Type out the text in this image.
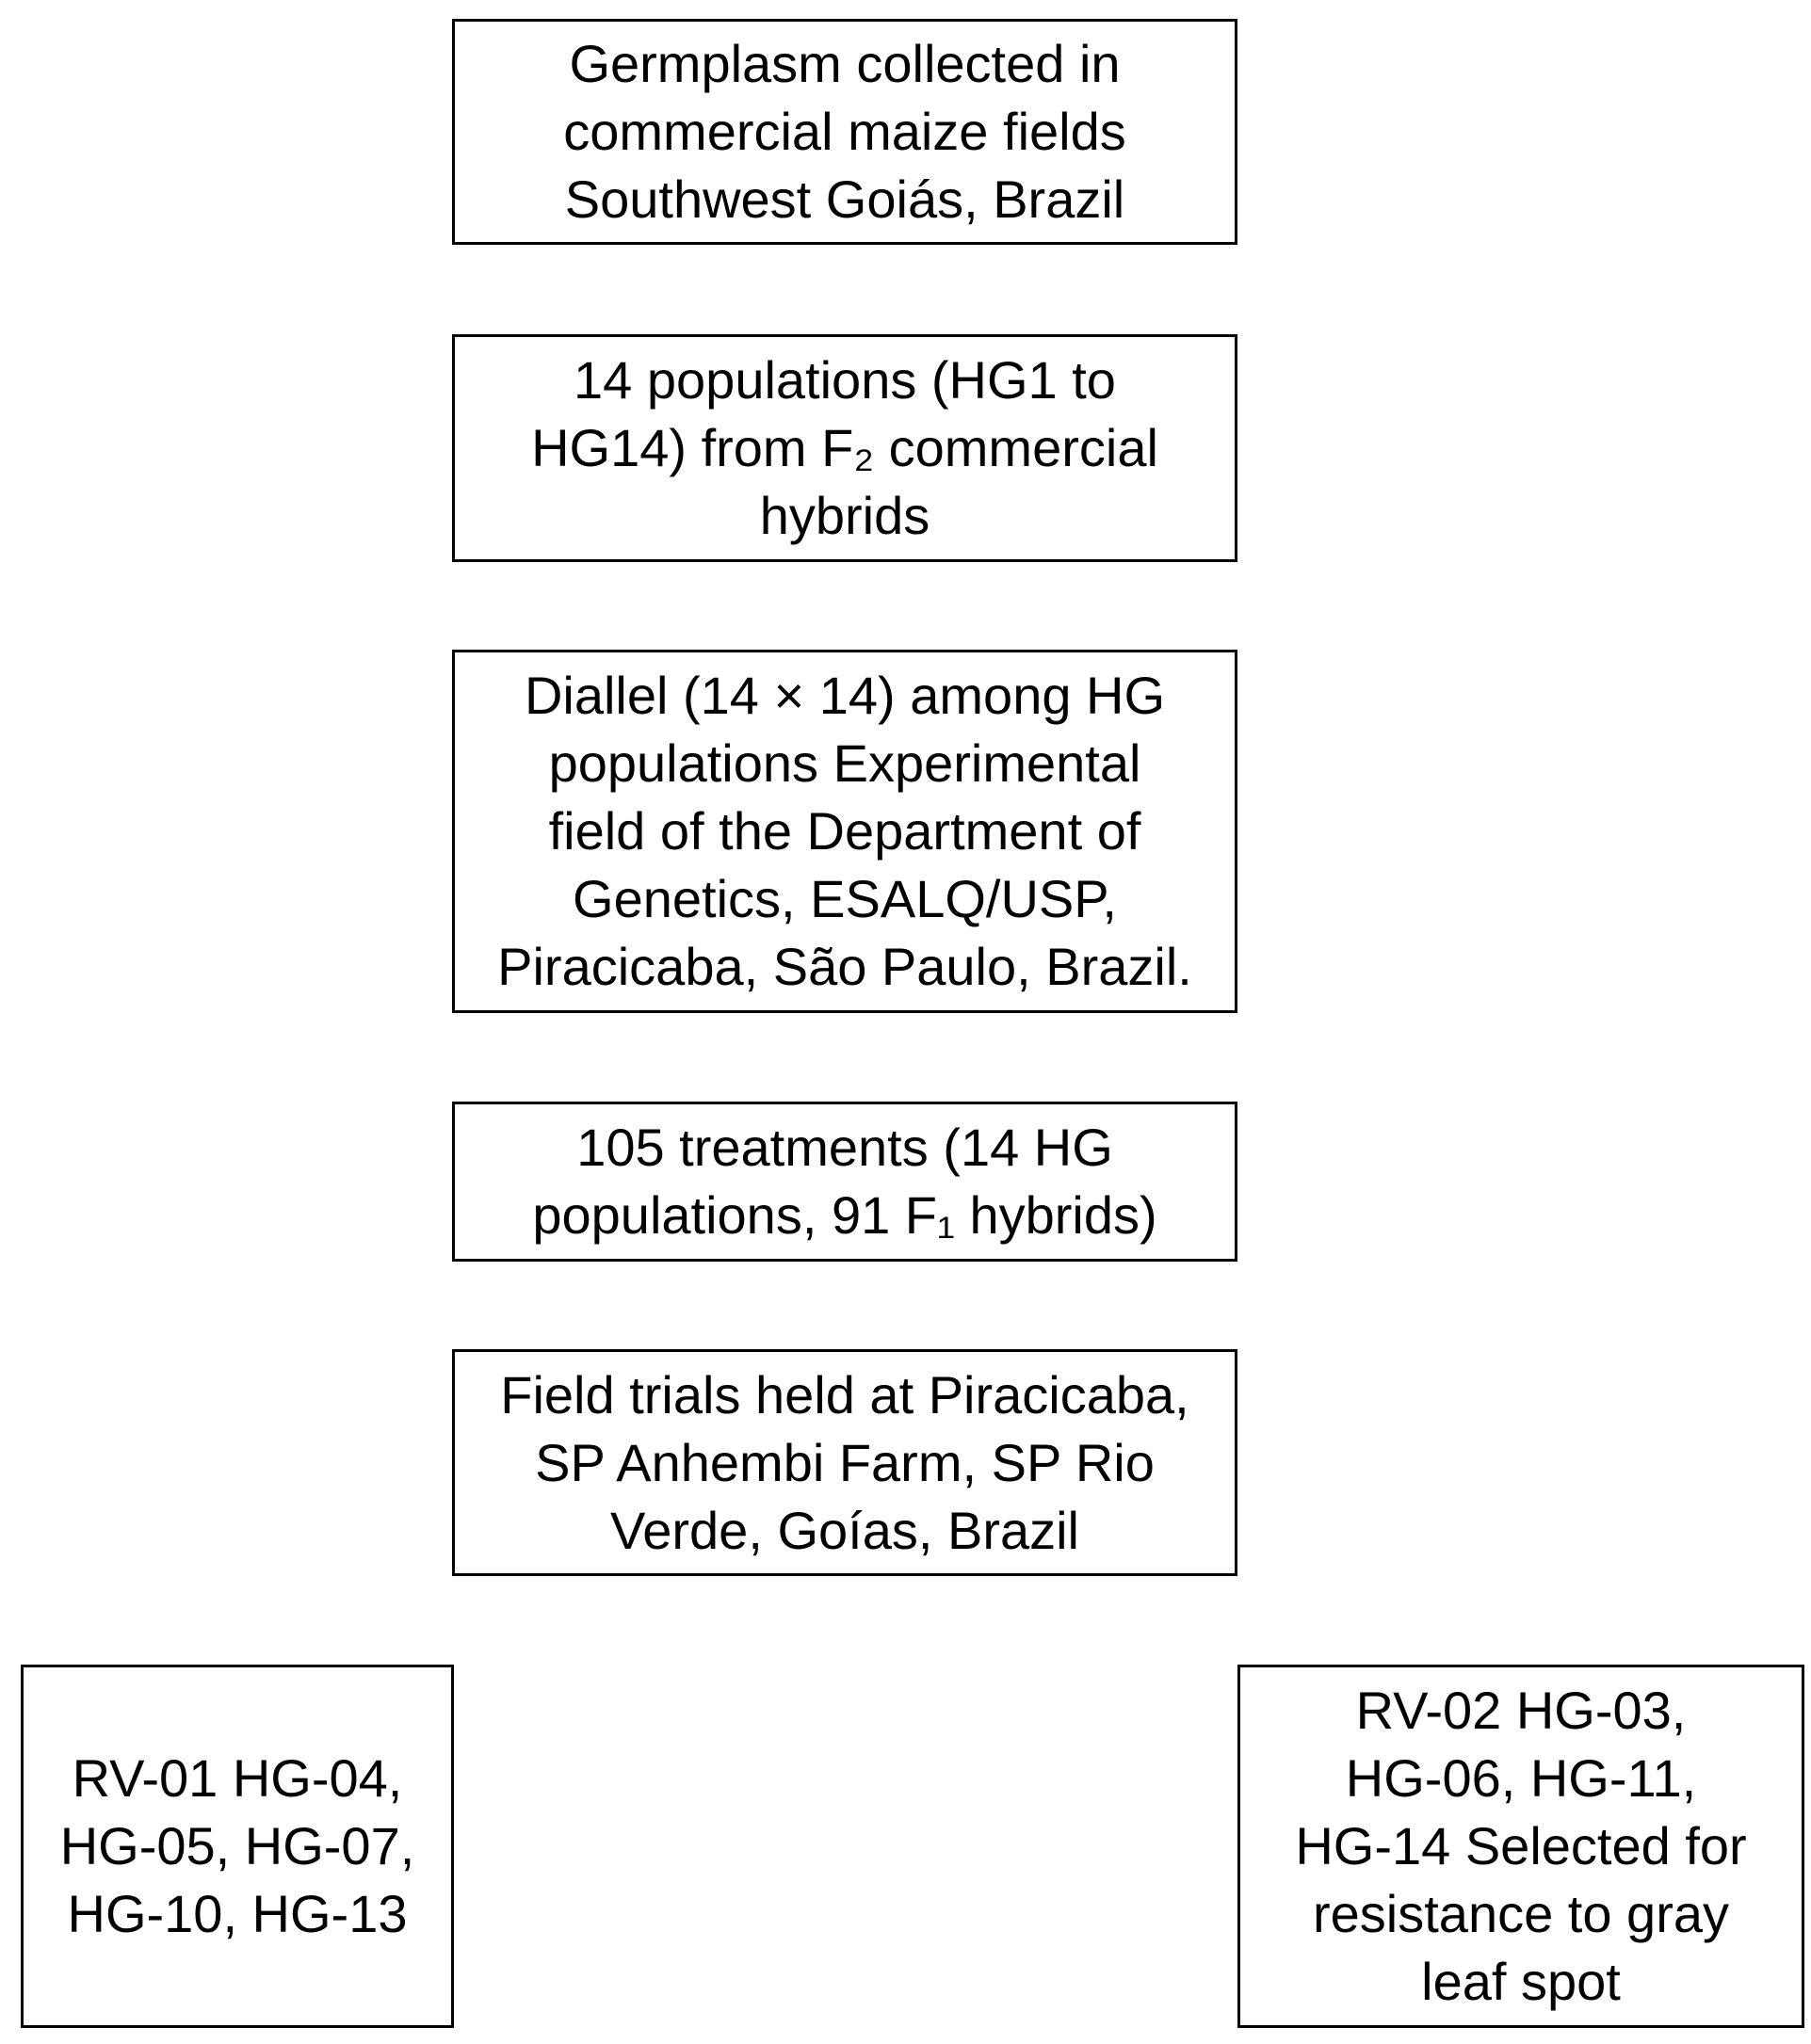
Germplasm collected in
commercial maize fields
Southwest Goiás, Brazil

14 populations (HG1 to
HG14) from F₂ commercial
hybrids

Diallel (14 × 14) among HG
populations Experimental
field of the Department of
Genetics, ESALQ/USP,
Piracicaba, São Paulo, Brazil.

105 treatments (14 HG
populations, 91 F₁ hybrids)

Field trials held at Piracicaba,
SP Anhembi Farm, SP Rio
Verde, Goías, Brazil

RV-01 HG-04,
HG-05, HG-07,
HG-10, HG-13

RV-02 HG-03,
HG-06, HG-11,
HG-14 Selected for
resistance to gray
leaf spot
